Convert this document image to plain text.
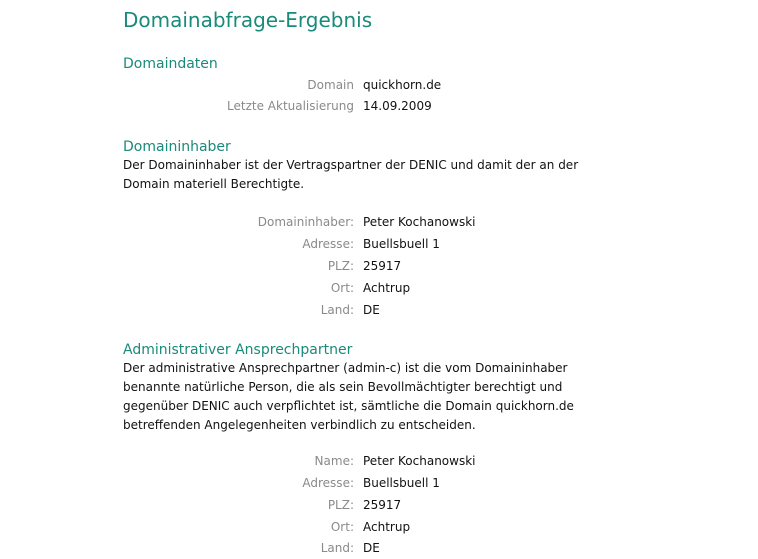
Domainabfrage-Ergebnis
Domaindaten
Domain quickhorn.de
Letzte Aktualisierung 14.09.2009
Domaininhaber

Der Domaininhaber ist der Vertragspartner der DENIC und damit der an der Domain materiell Berechtigte.

Domaininhaber: Peter Kochanowski
Adresse: Buellsbuell 1
PLZ: 25917
Ort: Achtrup
Land: DE
Administrativer Ansprechpartner

Der administrative Ansprechpartner (admin-c) ist die vom Domaininhaber benannte natürliche Person, die als sein Bevollmächtigter berechtigt und gegenüber DENIC auch verpflichtet ist, sämtliche die Domain quickhorn.de betreffenden Angelegenheiten verbindlich zu entscheiden.

Name: Peter Kochanowski
Adresse: Buellsbuell 1
PLZ: 25917
Ort: Achtrup
Land: DE
